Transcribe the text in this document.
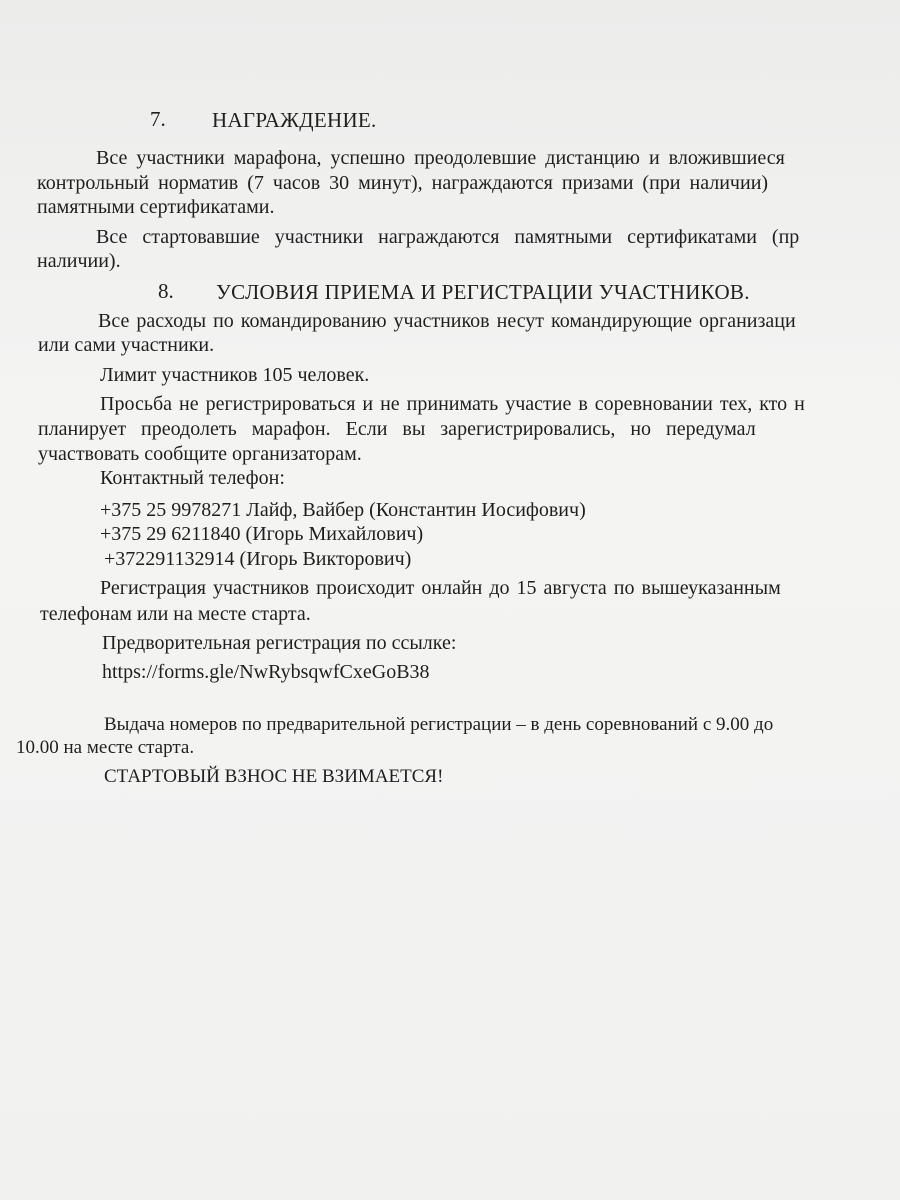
7. НАГРАЖДЕНИЕ.
Все участники марафона, успешно преодолевшие дистанцию и вложившиеся
контрольный норматив (7 часов 30 минут), награждаются призами (при наличии)
памятными сертификатами.
Все стартовавшие участники награждаются памятными сертификатами (пр
наличии).
8. УСЛОВИЯ ПРИЕМА И РЕГИСТРАЦИИ УЧАСТНИКОВ.
Все расходы по командированию участников несут командирующие организаци
или сами участники.
Лимит участников 105 человек.
Просьба не регистрироваться и не принимать участие в соревновании тех, кто н
планирует преодолеть марафон. Если вы зарегистрировались, но передумал
участвовать сообщите организаторам.
Контактный телефон:
+375 25 9978271 Лайф, Вайбер (Константин Иосифович)
+375 29 6211840 (Игорь Михайлович)
+372291132914 (Игорь Викторович)
Регистрация участников происходит онлайн до 15 августа по вышеуказанным
телефонам или на месте старта.
Предворительная регистрация по ссылке:
https://forms.gle/NwRybsqwfCxeGoB38
Выдача номеров по предварительной регистрации – в день соревнований с 9.00 до
10.00 на месте старта.
СТАРТОВЫЙ ВЗНОС НЕ ВЗИМАЕТСЯ!
